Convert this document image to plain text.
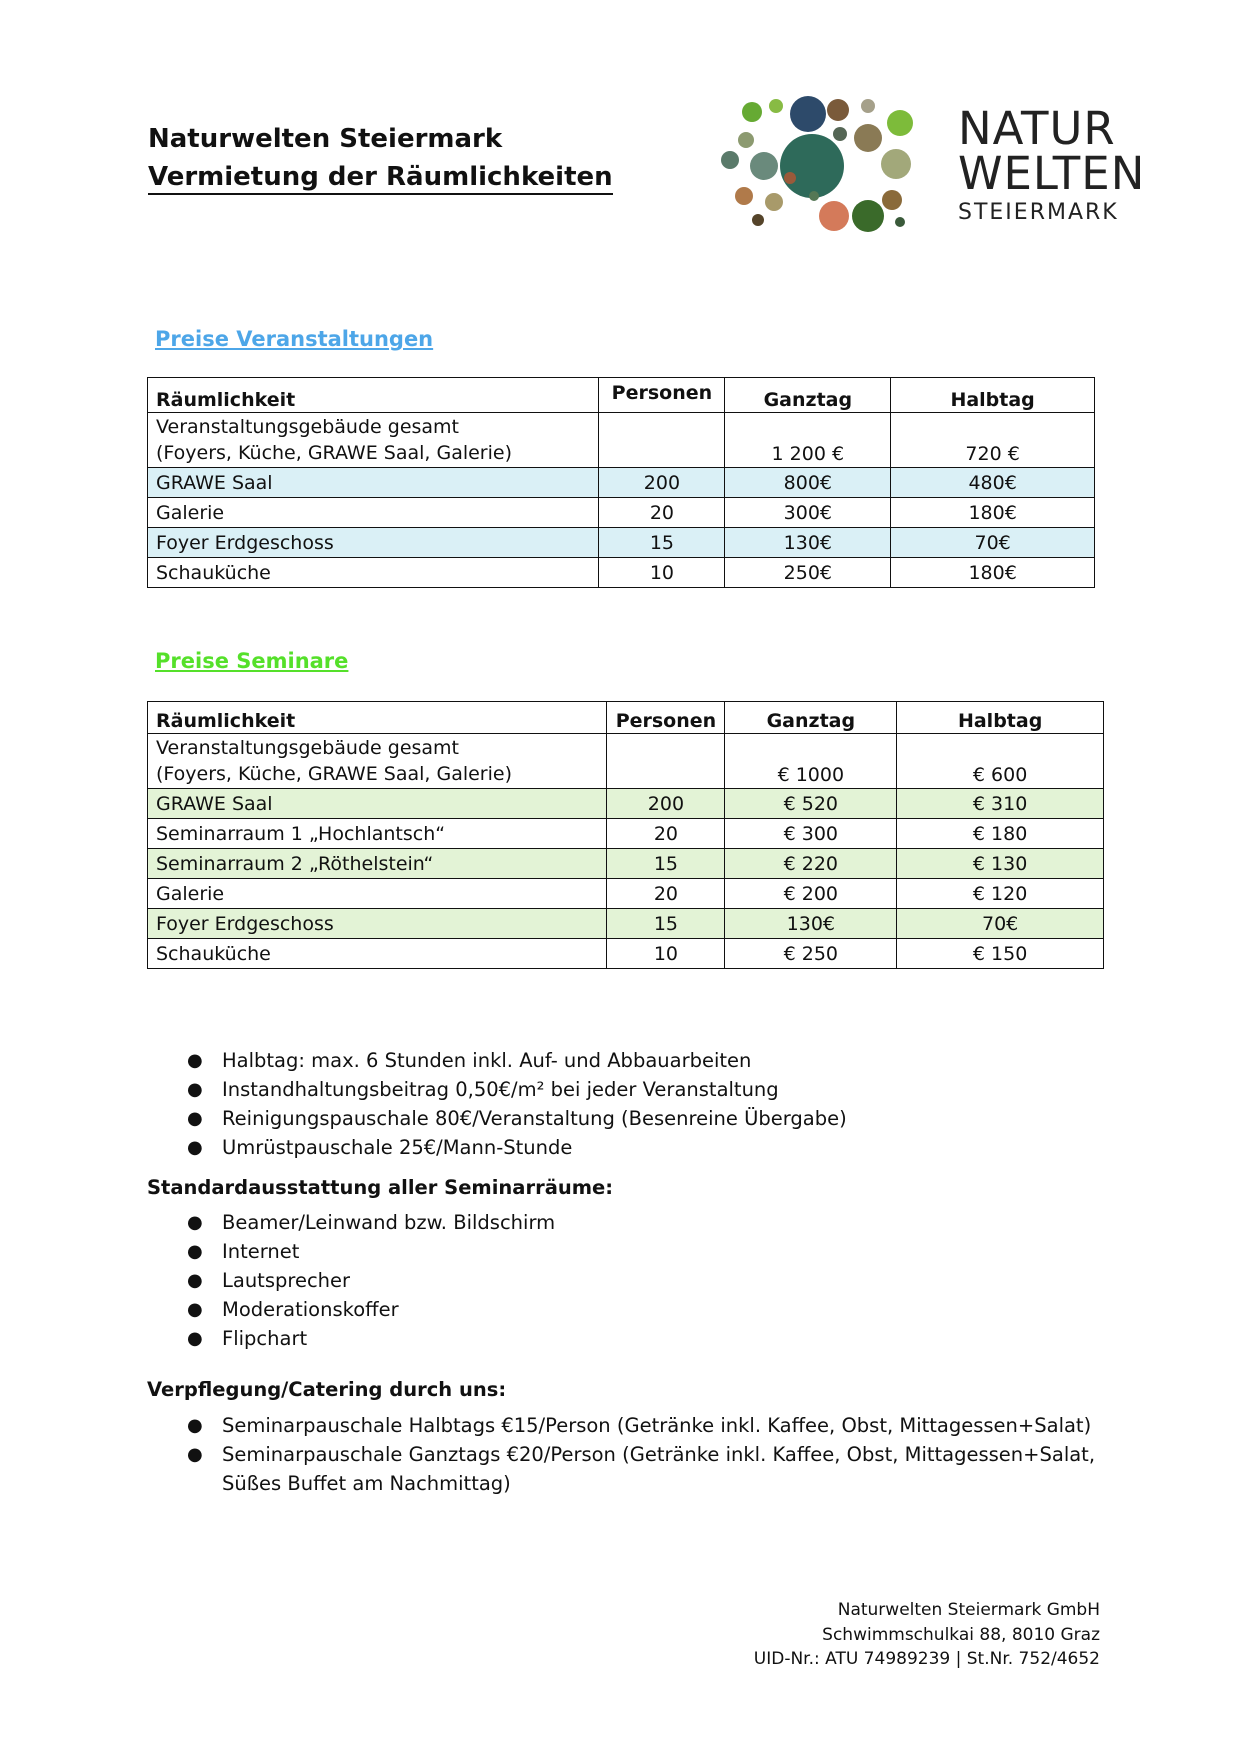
Naturwelten Steiermark
Vermietung der Räumlichkeiten
NATUR
WELTEN
STEIERMARK
Preise Veranstaltungen
Räumlichkeit	Personen	Ganztag	Halbtag

Veranstaltungsgebäude gesamt
(Foyers, Küche, GRAWE Saal, Galerie)		1 200 €	720 €
GRAWE Saal	200	800€	480€
Galerie	20	300€	180€
Foyer Erdgeschoss	15	130€	70€
Schauküche	10	250€	180€
Preise Seminare
Räumlichkeit	Personen	Ganztag	Halbtag

Veranstaltungsgebäude gesamt
(Foyers, Küche, GRAWE Saal, Galerie)		€ 1000	€ 600
GRAWE Saal	200	€ 520	€ 310
Seminarraum 1 „Hochlantsch“	20	€ 300	€ 180
Seminarraum 2 „Röthelstein“	15	€ 220	€ 130
Galerie	20	€ 200	€ 120
Foyer Erdgeschoss	15	130€	70€
Schauküche	10	€ 250	€ 150
● Halbtag: max. 6 Stunden inkl. Auf- und Abbauarbeiten
● Instandhaltungsbeitrag 0,50€/m² bei jeder Veranstaltung
● Reinigungspauschale 80€/Veranstaltung (Besenreine Übergabe)
● Umrüstpauschale 25€/Mann-Stunde
Standardausstattung aller Seminarräume:
● Beamer/Leinwand bzw. Bildschirm
● Internet
● Lautsprecher
● Moderationskoffer
● Flipchart
Verpflegung/Catering durch uns:
● Seminarpauschale Halbtags €15/Person (Getränke inkl. Kaffee, Obst, Mittagessen+Salat)
● Seminarpauschale Ganztags €20/Person (Getränke inkl. Kaffee, Obst, Mittagessen+Salat, Süßes Buffet am Nachmittag)
Naturwelten Steiermark GmbH
Schwimmschulkai 88, 8010 Graz
UID-Nr.: ATU 74989239 | St.Nr. 752/4652
